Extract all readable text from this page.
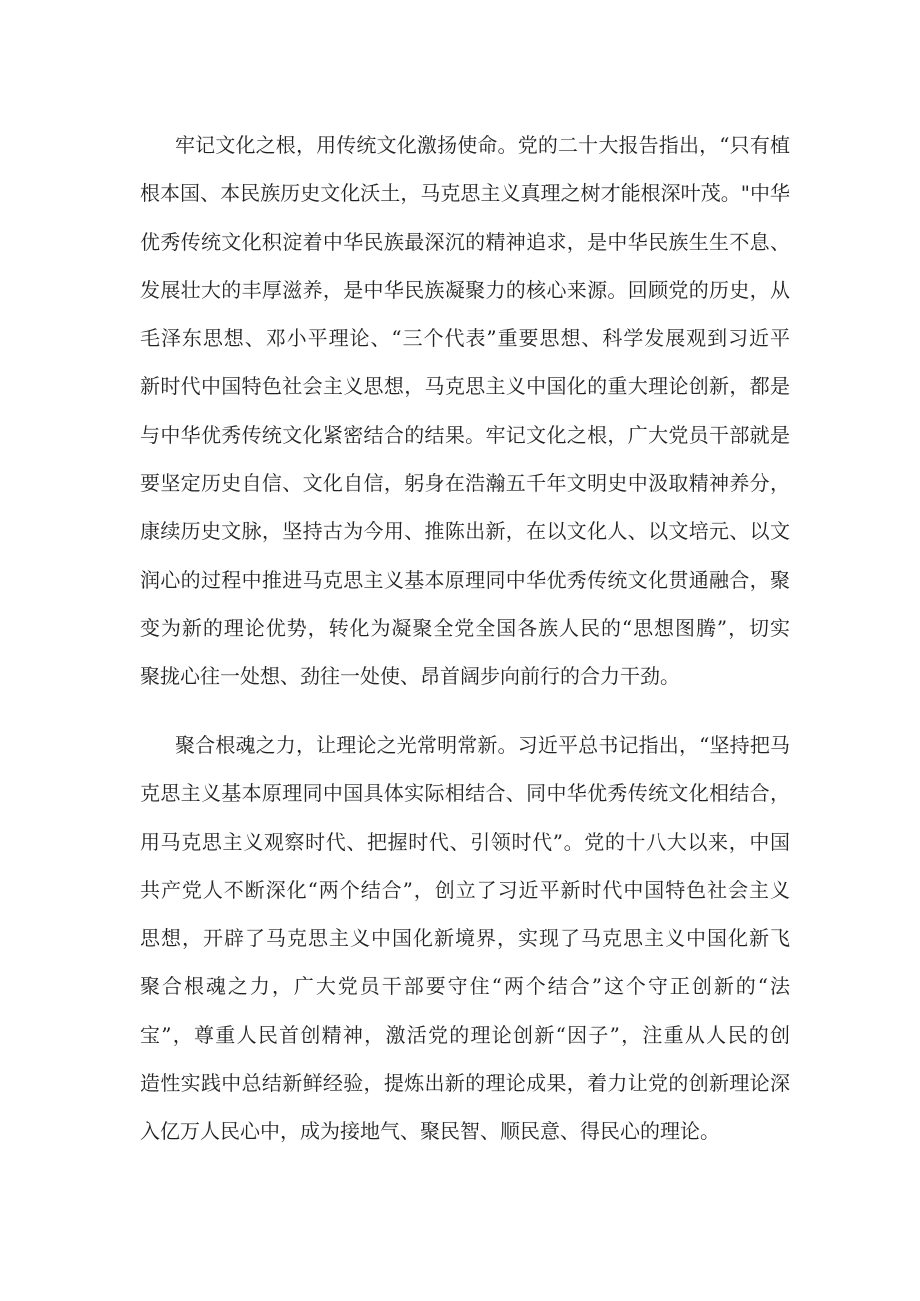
牢记文化之根，用传统文化激扬使命。党的二十大报告指出，“只有植
根本国、本民族历史文化沃土，马克思主义真理之树才能根深叶茂。"中华
优秀传统文化积淀着中华民族最深沉的精神追求，是中华民族生生不息、
发展壮大的丰厚滋养，是中华民族凝聚力的核心来源。回顾党的历史，从
毛泽东思想、邓小平理论、“三个代表”重要思想、科学发展观到习近平
新时代中国特色社会主义思想，马克思主义中国化的重大理论创新，都是
与中华优秀传统文化紧密结合的结果。牢记文化之根，广大党员干部就是
要坚定历史自信、文化自信，躬身在浩瀚五千年文明史中汲取精神养分，
康续历史文脉，坚持古为今用、推陈出新，在以文化人、以文培元、以文
润心的过程中推进马克思主义基本原理同中华优秀传统文化贯通融合，聚
变为新的理论优势，转化为凝聚全党全国各族人民的“思想图腾”，切实
聚拢心往一处想、劲往一处使、昂首阔步向前行的合力干劲。
聚合根魂之力，让理论之光常明常新。习近平总书记指出，“坚持把马
克思主义基本原理同中国具体实际相结合、同中华优秀传统文化相结合，
用马克思主义观察时代、把握时代、引领时代”。党的十八大以来，中国
共产党人不断深化“两个结合”，创立了习近平新时代中国特色社会主义
思想，开辟了马克思主义中国化新境界，实现了马克思主义中国化新飞
聚合根魂之力，广大党员干部要守住“两个结合”这个守正创新的“法
宝”，尊重人民首创精神，激活党的理论创新“因子”，注重从人民的创
造性实践中总结新鲜经验，提炼出新的理论成果，着力让党的创新理论深
入亿万人民心中，成为接地气、聚民智、顺民意、得民心的理论。
